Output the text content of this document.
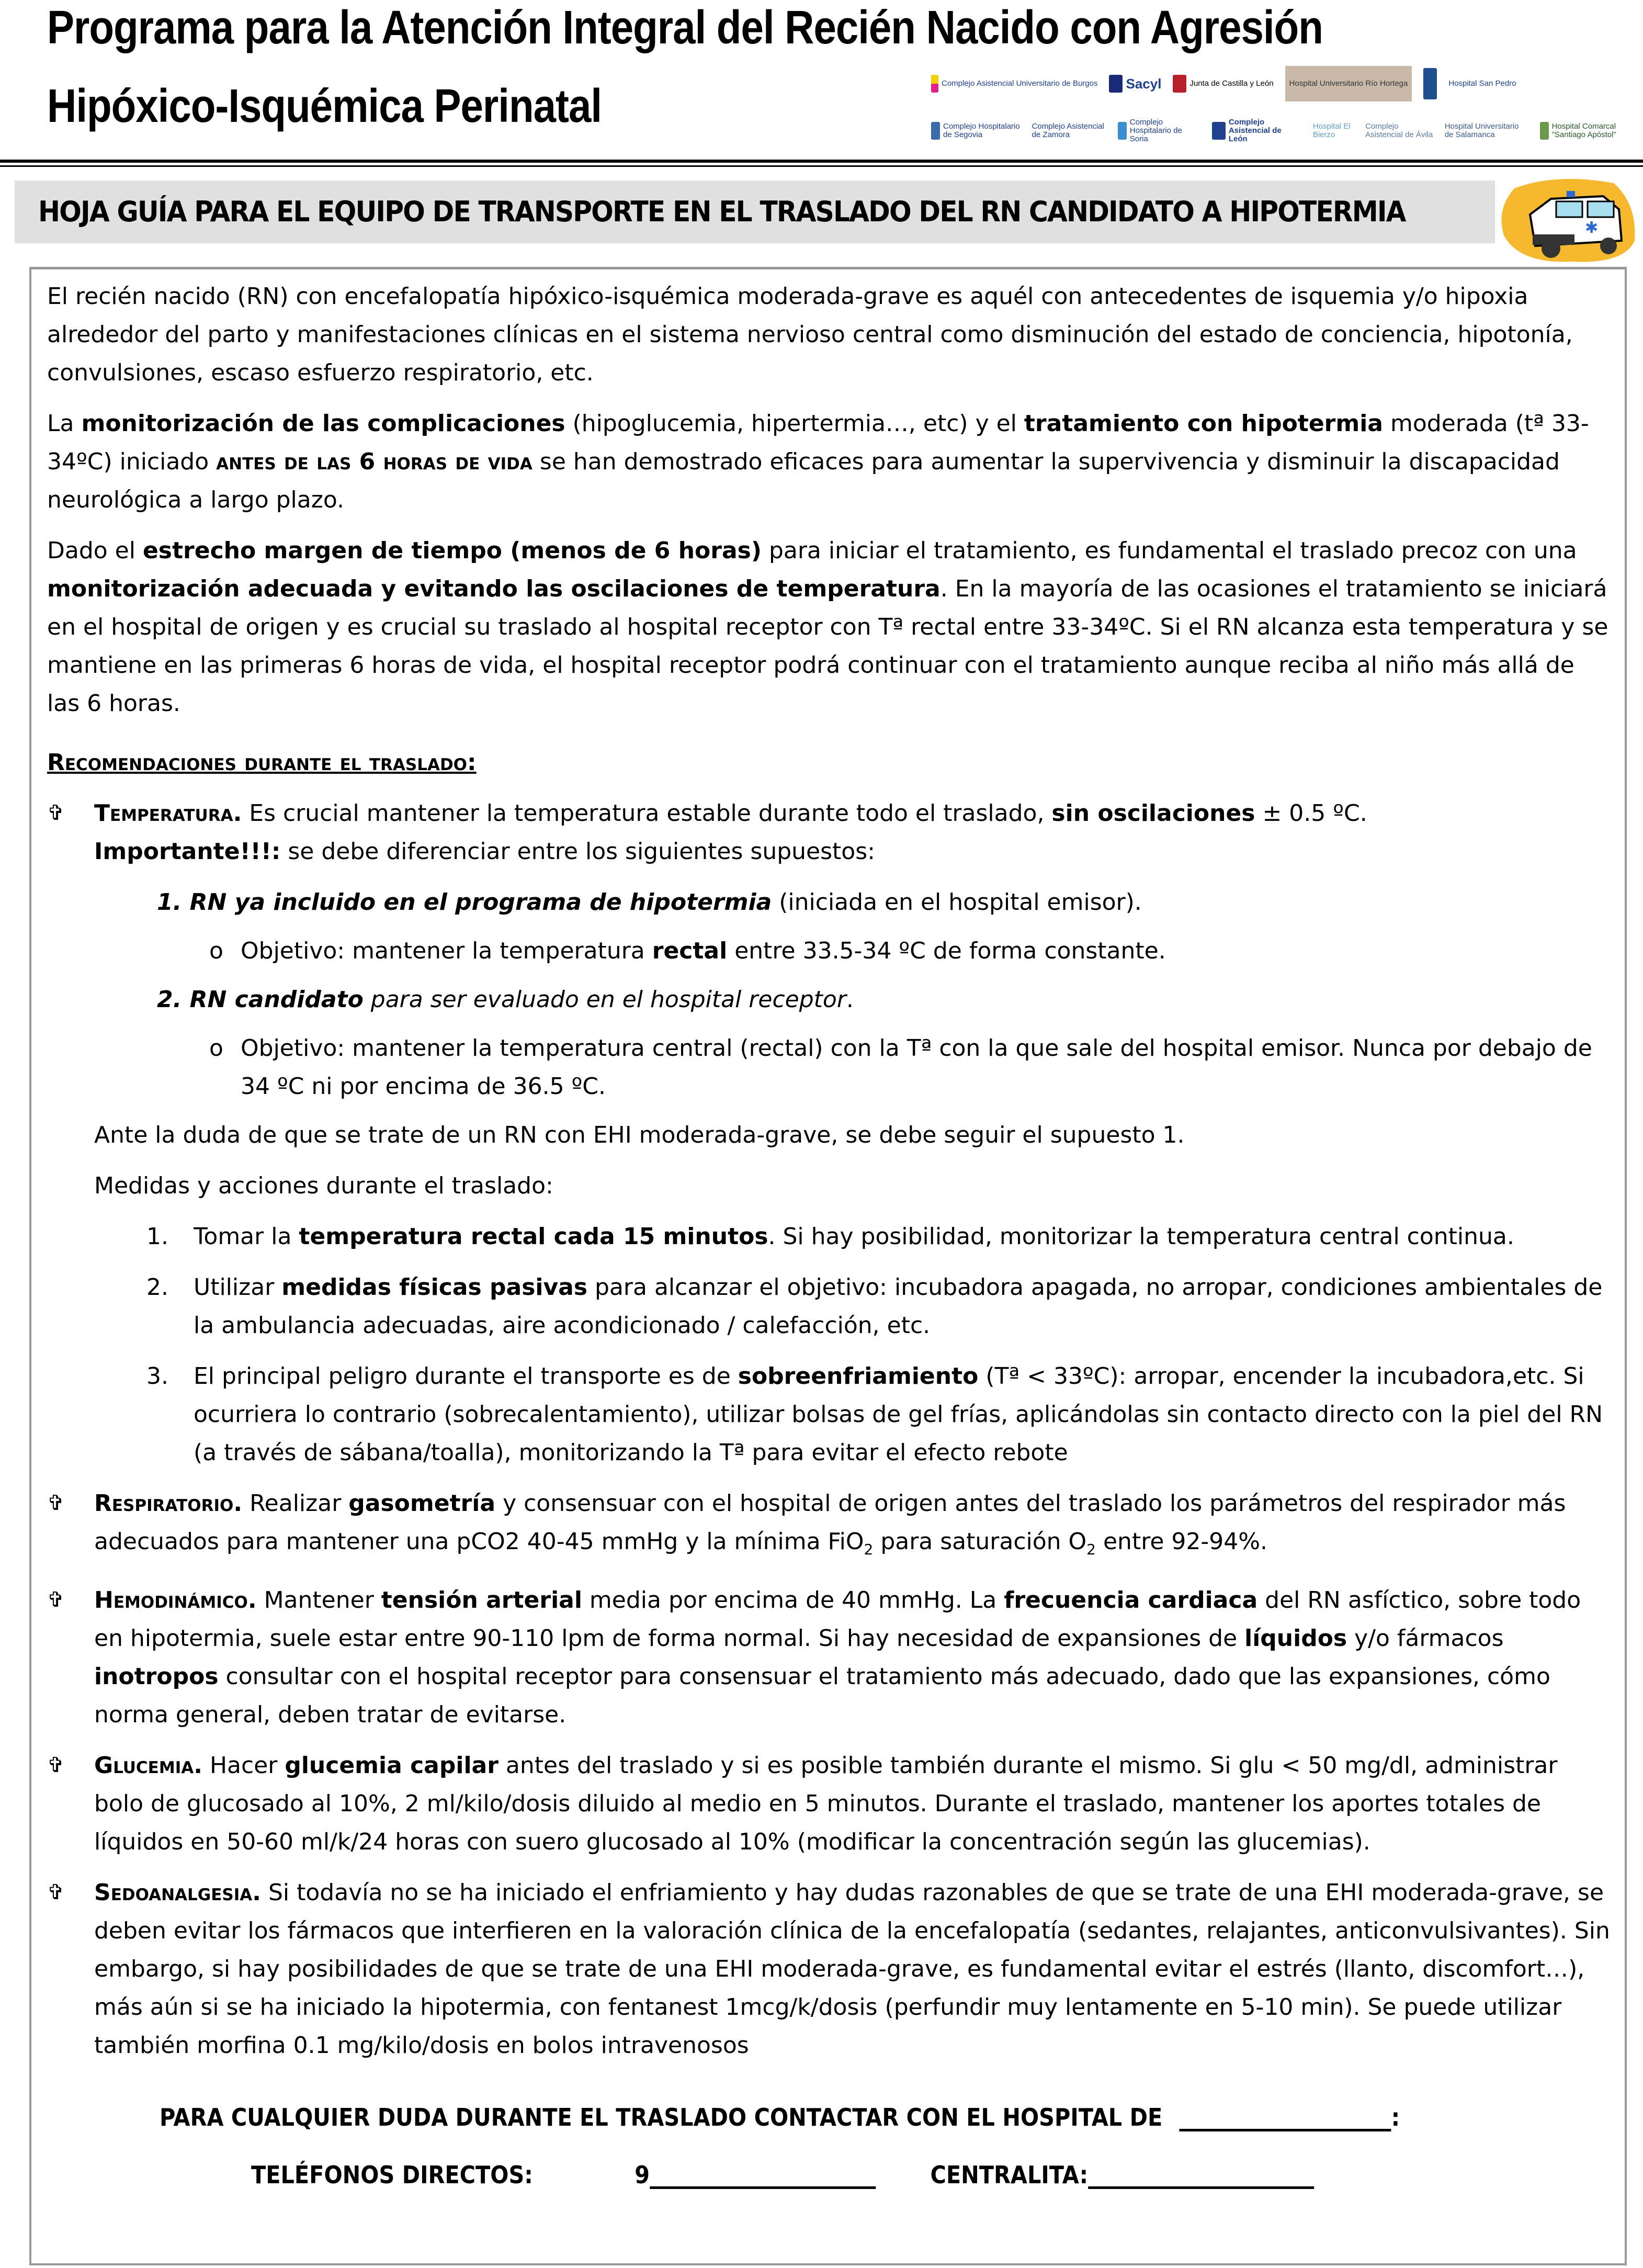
Programa para la Atención Integral del Recién Nacido con Agresión
Hipóxico-Isquémica Perinatal	Complejo Asistencial Universitario de Burgos Sacyl	Junta de Castilla y León Hospital Universitario Río Hortega	Hospital San Pedro
Complejo Hospitalario de Segovia
Complejo Asistencial de Zamora
Complejo Hospitalario de Soria
Complejo Asistencial de León
Hospital El Bierzo
Complejo Asistencial de Ávila
Hospital Universitario de Salamanca
Hospital Comarcal "Santiago Apóstol"
HOJA GUÍA PARA EL EQUIPO DE TRANSPORTE EN EL TRASLADO DEL RN CANDIDATO A HIPOTERMIA	✱

El recién nacido (RN) con encefalopatía hipóxico-isquémica moderada-grave es aquél con antecedentes de isquemia y/o hipoxia alrededor del parto y manifestaciones clínicas en el sistema nervioso central como disminución del estado de conciencia, hipotonía, convulsiones, escaso esfuerzo respiratorio, etc.

La monitorización de las complicaciones (hipoglucemia, hipertermia…, etc) y el tratamiento con hipotermia moderada (tª 33-34ºC) iniciado antes de las 6 horas de vida se han demostrado eficaces para aumentar la supervivencia y disminuir la discapacidad neurológica a largo plazo.

Dado el estrecho margen de tiempo (menos de 6 horas) para iniciar el tratamiento, es fundamental el traslado precoz con una monitorización adecuada y evitando las oscilaciones de temperatura. En la mayoría de las ocasiones el tratamiento se iniciará en el hospital de origen y es crucial su traslado al hospital receptor con Tª rectal entre 33-34ºC. Si el RN alcanza esta temperatura y se mantiene en las primeras 6 horas de vida, el hospital receptor podrá continuar con el tratamiento aunque reciba al niño más allá de las 6 horas.

Recomendaciones durante el traslado:

✞ Temperatura. Es crucial mantener la temperatura estable durante todo el traslado, sin oscilaciones ± 0.5 ºC.
Importante!!!: se debe diferenciar entre los siguientes supuestos:
1. RN ya incluido en el programa de hipotermia (iniciada en el hospital emisor).
o Objetivo: mantener la temperatura rectal entre 33.5-34 ºC de forma constante.
2. RN candidato para ser evaluado en el hospital receptor.
o Objetivo: mantener la temperatura central (rectal) con la Tª con la que sale del hospital emisor. Nunca por debajo de 34 ºC ni por encima de 36.5 ºC.

Ante la duda de que se trate de un RN con EHI moderada-grave, se debe seguir el supuesto 1.

Medidas y acciones durante el traslado:

1. Tomar la temperatura rectal cada 15 minutos. Si hay posibilidad, monitorizar la temperatura central continua.
2. Utilizar medidas físicas pasivas para alcanzar el objetivo: incubadora apagada, no arropar, condiciones ambientales de la ambulancia adecuadas, aire acondicionado / calefacción, etc.
3. El principal peligro durante el transporte es de sobreenfriamiento (Tª < 33ºC): arropar, encender la incubadora,etc. Si ocurriera lo contrario (sobrecalentamiento), utilizar bolsas de gel frías, aplicándolas sin contacto directo con la piel del RN (a través de sábana/toalla), monitorizando la Tª para evitar el efecto rebote
✞ Respiratorio. Realizar gasometría y consensuar con el hospital de origen antes del traslado los parámetros del respirador más adecuados para mantener una pCO2 40-45 mmHg y la mínima FiO$_2$ para saturación $O_2$ entre 92-94%.
✞ Hemodinámico. Mantener tensión arterial media por encima de 40 mmHg. La frecuencia cardiaca del RN asfíctico, sobre todo en hipotermia, suele estar entre 90-110 lpm de forma normal. Si hay necesidad de expansiones de líquidos y/o fármacos inotropos consultar con el hospital receptor para consensuar el tratamiento más adecuado, dado que las expansiones, cómo norma general, deben tratar de evitarse.
✞ Glucemia. Hacer glucemia capilar antes del traslado y si es posible también durante el mismo. Si glu < 50 mg/dl, administrar bolo de glucosado al 10%, 2 ml/kilo/dosis diluido al medio en 5 minutos. Durante el traslado, mantener los aportes totales de líquidos en 50-60 ml/k/24 horas con suero glucosado al 10% (modificar la concentración según las glucemias).
✞ Sedoanalgesia. Si todavía no se ha iniciado el enfriamiento y hay dudas razonables de que se trate de una EHI moderada-grave, se deben evitar los fármacos que interfieren en la valoración clínica de la encefalopatía (sedantes, relajantes, anticonvulsivantes). Sin embargo, si hay posibilidades de que se trate de una EHI moderada-grave, es fundamental evitar el estrés (llanto, discomfort…), más aún si se ha iniciado la hipotermia, con fentanest 1mcg/k/dosis (perfundir muy lentamente en 5-10 min). Se puede utilizar también morfina 0.1 mg/kilo/dosis en bolos intravenosos
PARA CUALQUIER DUDA DURANTE EL TRASLADO CONTACTAR CON EL HOSPITAL DE	:
TELÉFONOS DIRECTOS:	9	CENTRALITA:
